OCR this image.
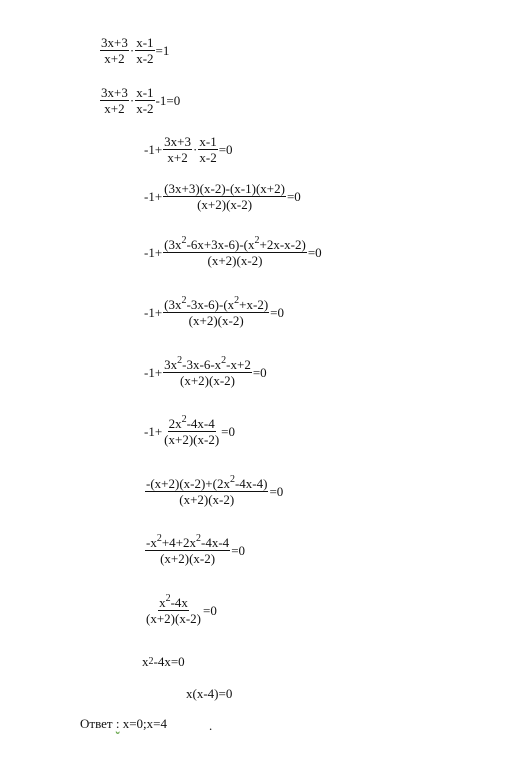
$\frac{3x+3}{x+2} \cdot \frac{x-1}{x-2} =1$
$\frac{3x+3}{x+2} \cdot \frac{x-1}{x-2} -1=0$
$-1+ \frac{3x+3}{x+2} \cdot \frac{x-1}{x-2} =0$
$-1+ \frac{(3x+3)(x-2)-(x-1)(x+2)}{(x+2)(x-2)} =0$
$-1+ \frac{(3x^2-6x+3x-6)-(x^2+2x-x-2)}{(x+2)(x-2)} =0$
$-1+ \frac{(3x^2-3x-6)-(x^2+x-2)}{(x+2)(x-2)} =0$
$-1+ \frac{3x^2-3x-6-x^2-x+2}{(x+2)(x-2)} =0$
$-1+ \frac{2x^2-4x-4}{(x+2)(x-2)} =0$
$\frac{-(x+2)(x-2)+(2x^2-4x-4)}{(x+2)(x-2)} =0$
$\frac{-x^2+4+2x^2-4x-4}{(x+2)(x-2)} =0$
$\frac{x^2-4x}{(x+2)(x-2)} =0$
x 2 -4x=0
x(x-4)=0
Ответ : x=0;x=4	.
